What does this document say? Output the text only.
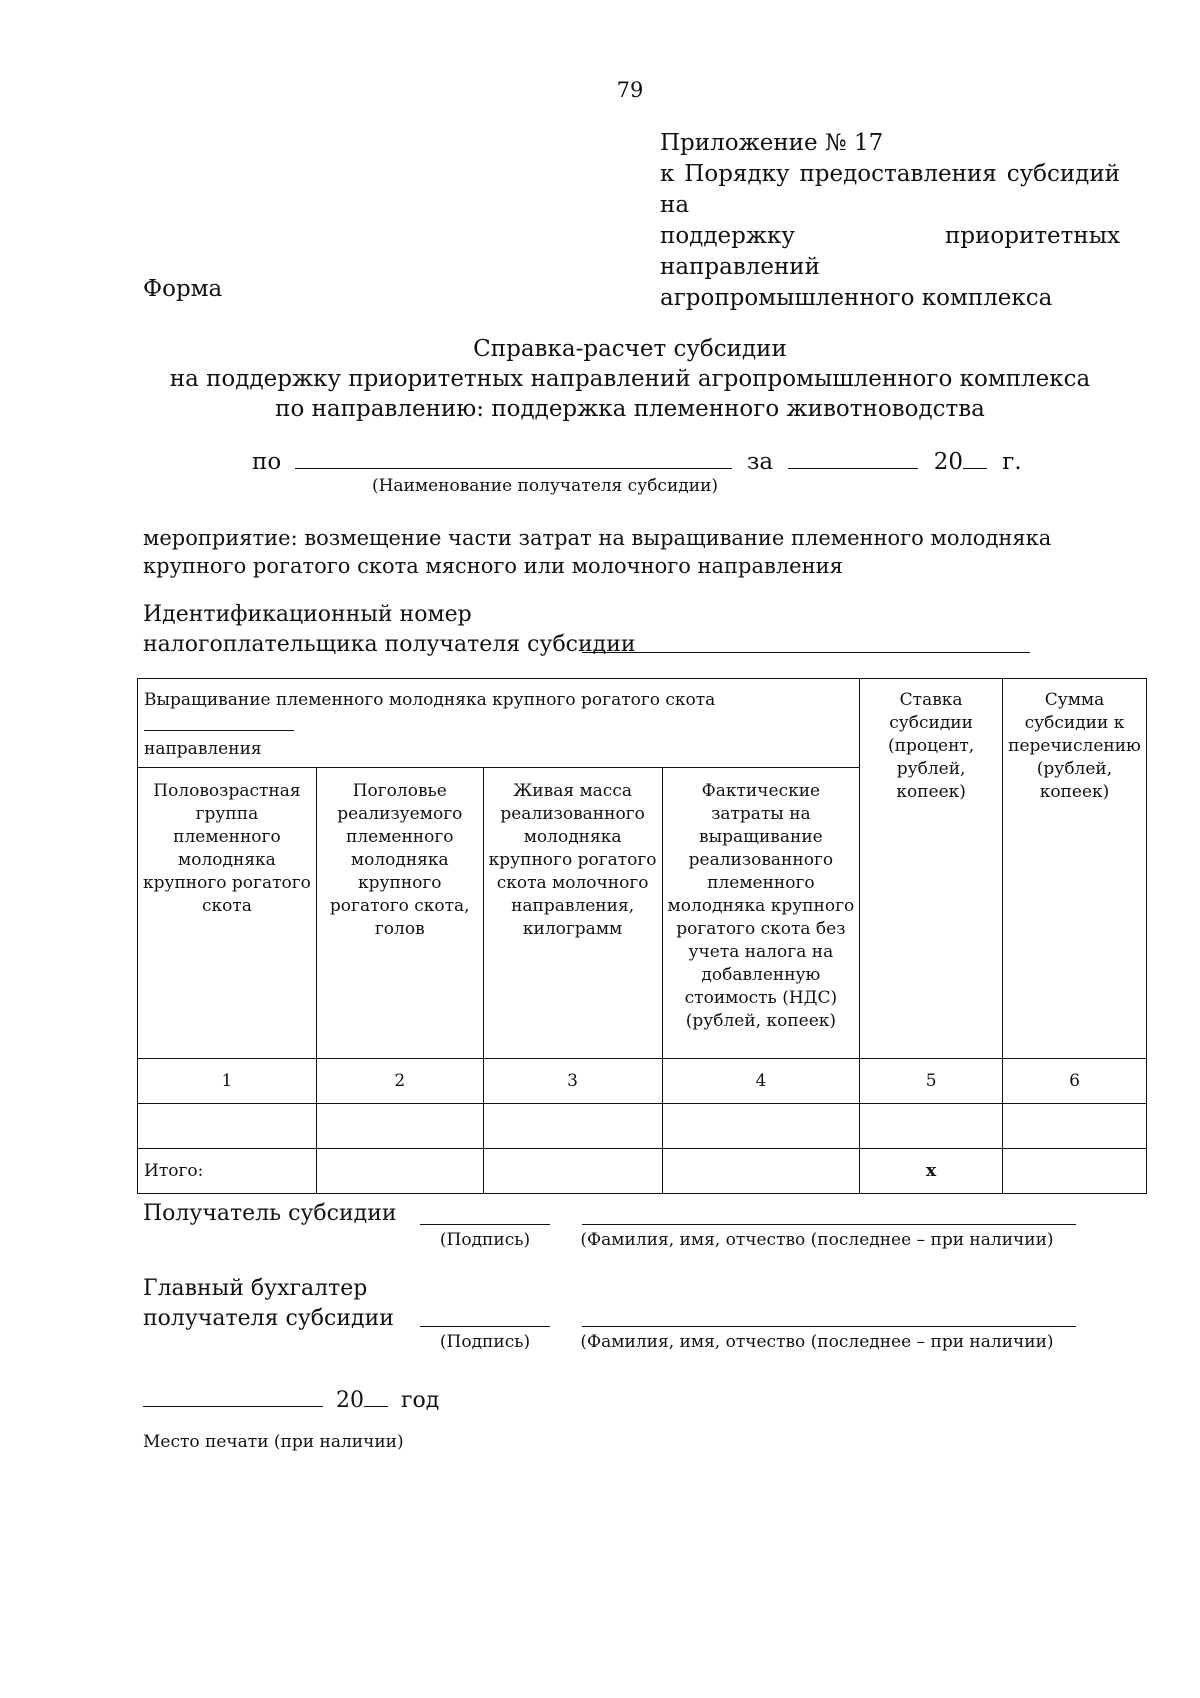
79
Приложение № 17
к Порядку предоставления субсидий на
поддержку приоритетных направлений
агропромышленного комплекса
Форма
Справка-расчет субсидии
на поддержку приоритетных направлений агропромышленного комплекса
по направлению: поддержка племенного животноводства
по	за	20 г.
(Наименование получателя субсидии)
мероприятие: возмещение части затрат на выращивание племенного молодняка крупного рогатого скота мясного или молочного направления
Идентификационный номер
налогоплательщика получателя субсидии
Выращивание племенного молодняка крупного рогатого скота
направления				Ставка субсидии (процент, рублей, копеек)	Сумма субсидии к перечислению (рублей, копеек)
Половозрастная группа племенного молодняка крупного рогатого скота	Поголовье реализуемого племенного молодняка крупного рогатого скота, голов	Живая масса реализованного молодняка крупного рогатого скота молочного направления, килограмм	Фактические затраты на выращивание реализованного племенного молодняка крупного рогатого скота без учета налога на добавленную стоимость (НДС) (рублей, копеек)		
1	2	3	4	5	6

Итого:				x	
Получатель субсидии
(Подпись)	(Фамилия, имя, отчество (последнее – при наличии)
Главный бухгалтер
получателя субсидии
(Подпись)	(Фамилия, имя, отчество (последнее – при наличии)
20 год
Место печати (при наличии)
